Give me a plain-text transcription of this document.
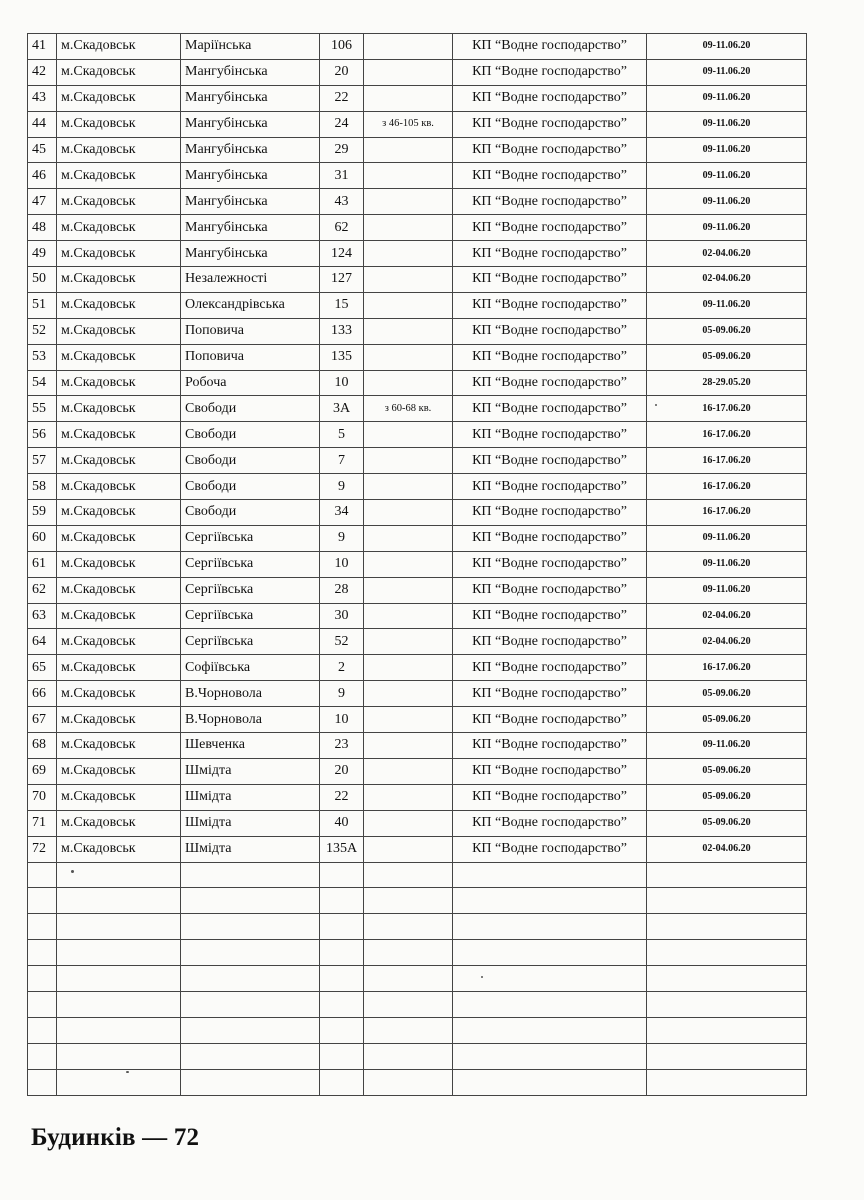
41	м.Скадовськ	Маріїнська	106		КП “Водне господарство”	09-11.06.20
42	м.Скадовськ	Мангубінська	20		КП “Водне господарство”	09-11.06.20
43	м.Скадовськ	Мангубінська	22		КП “Водне господарство”	09-11.06.20
44	м.Скадовськ	Мангубінська	24	з 46-105 кв.	КП “Водне господарство”	09-11.06.20
45	м.Скадовськ	Мангубінська	29		КП “Водне господарство”	09-11.06.20
46	м.Скадовськ	Мангубінська	31		КП “Водне господарство”	09-11.06.20
47	м.Скадовськ	Мангубінська	43		КП “Водне господарство”	09-11.06.20
48	м.Скадовськ	Мангубінська	62		КП “Водне господарство”	09-11.06.20
49	м.Скадовськ	Мангубінська	124		КП “Водне господарство”	02-04.06.20
50	м.Скадовськ	Незалежності	127		КП “Водне господарство”	02-04.06.20
51	м.Скадовськ	Олександрівська	15		КП “Водне господарство”	09-11.06.20
52	м.Скадовськ	Поповича	133		КП “Водне господарство”	05-09.06.20
53	м.Скадовськ	Поповича	135		КП “Водне господарство”	05-09.06.20
54	м.Скадовськ	Робоча	10		КП “Водне господарство”	28-29.05.20
55	м.Скадовськ	Свободи	3А	з 60-68 кв.	КП “Водне господарство”	16-17.06.20
56	м.Скадовськ	Свободи	5		КП “Водне господарство”	16-17.06.20
57	м.Скадовськ	Свободи	7		КП “Водне господарство”	16-17.06.20
58	м.Скадовськ	Свободи	9		КП “Водне господарство”	16-17.06.20
59	м.Скадовськ	Свободи	34		КП “Водне господарство”	16-17.06.20
60	м.Скадовськ	Сергіївська	9		КП “Водне господарство”	09-11.06.20
61	м.Скадовськ	Сергіївська	10		КП “Водне господарство”	09-11.06.20
62	м.Скадовськ	Сергіївська	28		КП “Водне господарство”	09-11.06.20
63	м.Скадовськ	Сергіївська	30		КП “Водне господарство”	02-04.06.20
64	м.Скадовськ	Сергіївська	52		КП “Водне господарство”	02-04.06.20
65	м.Скадовськ	Софіївська	2		КП “Водне господарство”	16-17.06.20
66	м.Скадовськ	В.Чорновола	9		КП “Водне господарство”	05-09.06.20
67	м.Скадовськ	В.Чорновола	10		КП “Водне господарство”	05-09.06.20
68	м.Скадовськ	Шевченка	23		КП “Водне господарство”	09-11.06.20
69	м.Скадовськ	Шмідта	20		КП “Водне господарство”	05-09.06.20
70	м.Скадовськ	Шмідта	22		КП “Водне господарство”	05-09.06.20
71	м.Скадовськ	Шмідта	40		КП “Водне господарство”	05-09.06.20
72	м.Скадовськ	Шмідта	135А		КП “Водне господарство”	02-04.06.20

Будинків — 72
